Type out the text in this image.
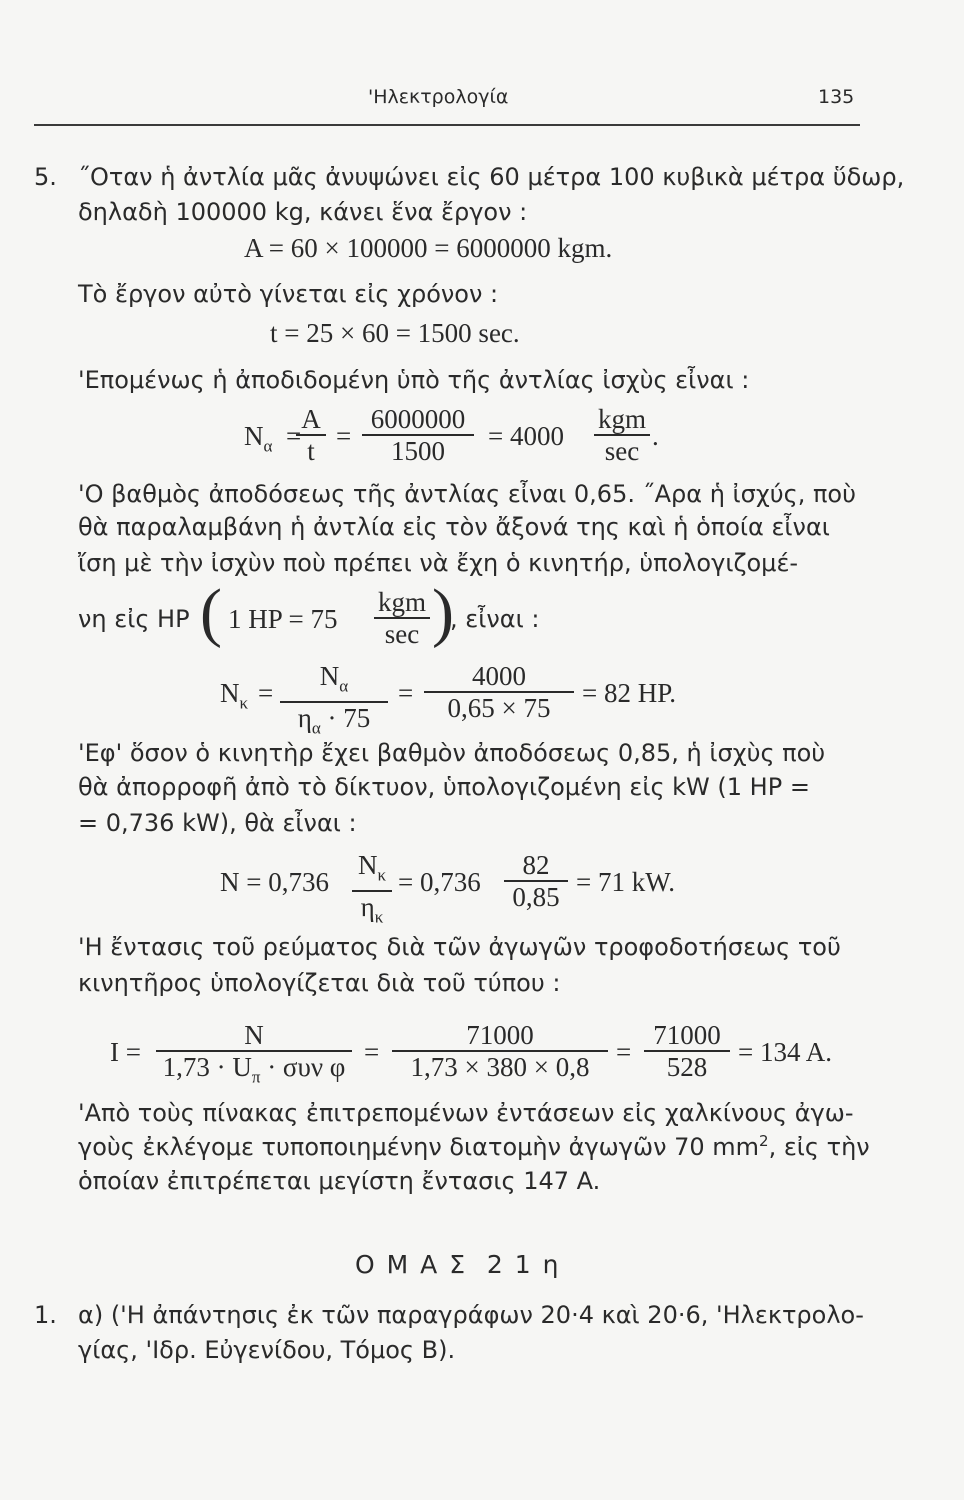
'Ηλεκτρολογία	135
5. ˝Οταν ἡ ἀντλία μᾶς ἀνυψώνει εἰς 60 μέτρα 100 κυβικὰ μέτρα ὕδωρ,
δηλαδὴ 100000 kg, κάνει ἕνα ἔργον :
A = 60 × 100000 = 6000000 kgm.
Τὸ ἔργον αὐτὸ γίνεται εἰς χρόνον :
t = 25 × 60 = 1500 sec.
'Επομένως ἡ ἀποδιδομένη ὑπὸ τῆς ἀντλίας ἰσχὺς εἶναι :
$N_\alpha$ =
A
t =
6000000
1500 = 4000
kgm
sec .
'Ο βαθμὸς ἀποδόσεως τῆς ἀντλίας εἶναι 0,65. ˝Αρα ἡ ἰσχύς, ποὺ
θὰ παραλαμβάνη ἡ ἀντλία εἰς τὸν ἄξονά της καὶ ἡ ὁποία εἶναι
ἴση μὲ τὴν ἰσχὺν ποὺ πρέπει νὰ ἔχη ὁ κινητήρ, ὑπολογιζομέ-
νη εἰς HP ( 1 HP = 75
kgm
sec )
, εἶναι :
$N_\kappa$ =
$N_\alpha$
$\eta_\alpha \cdot 75$
=
4000
0,65 × 75 = 82 HP.
'Εφ' ὅσον ὁ κινητὴρ ἔχει βαθμὸν ἀποδόσεως 0,85, ἡ ἰσχὺς ποὺ
θὰ ἀπορροφῆ ἀπὸ τὸ δίκτυον, ὑπολογιζομένη εἰς kW (1 HP =
= 0,736 kW), θὰ εἶναι :
N = 0,736
$N_\kappa$
$\eta_\kappa$
= 0,736
82
0,85 = 71 kW.
'Η ἔντασις τοῦ ρεύματος διὰ τῶν ἀγωγῶν τροφοδοτήσεως τοῦ
κινητῆρος ὑπολογίζεται διὰ τοῦ τύπου :
I =
N
$1,73 \cdot U_\pi \cdot \sigma\upsilon\nu$ φ =
71000
1,73 × 380 × 0,8 =
71000
528 = 134 A.
'Απὸ τοὺς πίνακας ἐπιτρεπομένων ἐντάσεων εἰς χαλκίνους ἀγω-
γοὺς ἐκλέγομε τυποποιημένην διατομὴν ἀγωγῶν 70 $mm^2$, εἰς τὴν
ὁποίαν ἐπιτρέπεται μεγίστη ἔντασις 147 A.
Ο Μ Α Σ  2 1 η
1. α) ('Η ἀπάντησις ἐκ τῶν παραγράφων 20·4 καὶ 20·6, 'Ηλεκτρολο-
γίας, 'Ιδρ. Εὐγενίδου, Τόμος B).
